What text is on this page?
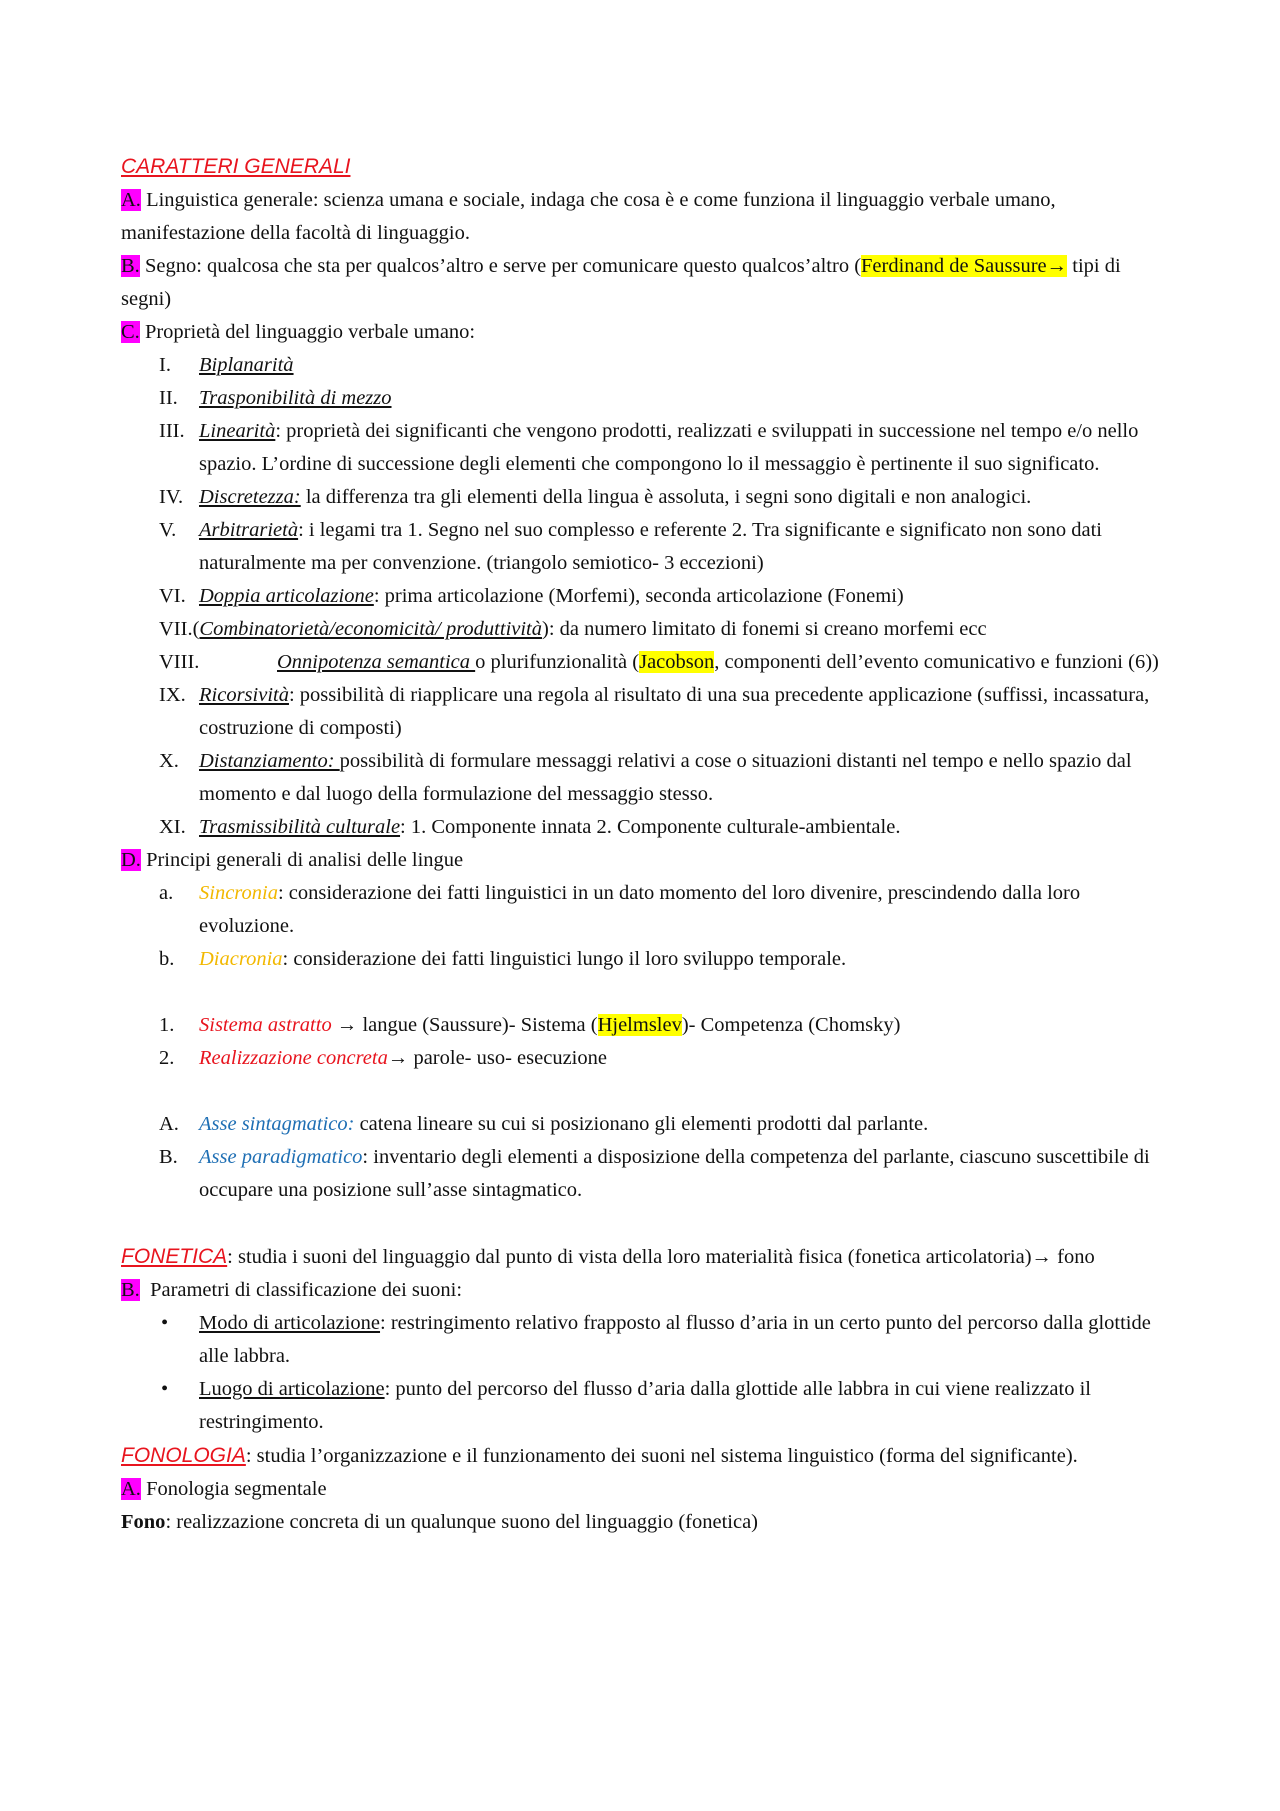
CARATTERI GENERALI
A. Linguistica generale: scienza umana e sociale, indaga che cosa è e come funziona il linguaggio verbale umano, manifestazione della facoltà di linguaggio.
B. Segno: qualcosa che sta per qualcos’altro e serve per comunicare questo qualcos’altro (Ferdinand de Saussure→ tipi di segni)
C. Proprietà del linguaggio verbale umano:
I. Biplanarità
II. Trasponibilità di mezzo
III. Linearità: proprietà dei significanti che vengono prodotti, realizzati e sviluppati in successione nel tempo e/o nello spazio. L’ordine di successione degli elementi che compongono lo il messaggio è pertinente il suo significato.
IV. Discretezza: la differenza tra gli elementi della lingua è assoluta, i segni sono digitali e non analogici.
V. Arbitrarietà: i legami tra 1. Segno nel suo complesso e referente 2. Tra significante e significato non sono dati naturalmente ma per convenzione. (triangolo semiotico- 3 eccezioni)
VI. Doppia articolazione: prima articolazione (Morfemi), seconda articolazione (Fonemi)
VII.(Combinatorietà/economicità/ produttività): da numero limitato di fonemi si creano morfemi ecc
VIII.	Onnipotenza semantica o plurifunzionalità (Jacobson, componenti dell’evento comunicativo e funzioni (6))
IX. Ricorsività: possibilità di riapplicare una regola al risultato di una sua precedente applicazione (suffissi, incassatura, costruzione di composti)
X. Distanziamento: possibilità di formulare messaggi relativi a cose o situazioni distanti nel tempo e nello spazio dal momento e dal luogo della formulazione del messaggio stesso.
XI. Trasmissibilità culturale: 1. Componente innata 2. Componente culturale-ambientale.
D. Principi generali di analisi delle lingue
a. Sincronia: considerazione dei fatti linguistici in un dato momento del loro divenire, prescindendo dalla loro evoluzione.
b. Diacronia: considerazione dei fatti linguistici lungo il loro sviluppo temporale.
1. Sistema astratto → langue (Saussure)- Sistema (Hjelmslev)- Competenza (Chomsky)
2. Realizzazione concreta→ parole- uso- esecuzione
A. Asse sintagmatico: catena lineare su cui si posizionano gli elementi prodotti dal parlante.
B. Asse paradigmatico: inventario degli elementi a disposizione della competenza del parlante, ciascuno suscettibile di occupare una posizione sull’asse sintagmatico.
FONETICA: studia i suoni del linguaggio dal punto di vista della loro materialità fisica (fonetica articolatoria)→ fono
B.  Parametri di classificazione dei suoni:
• Modo di articolazione: restringimento relativo frapposto al flusso d’aria in un certo punto del percorso dalla glottide alle labbra.
• Luogo di articolazione: punto del percorso del flusso d’aria dalla glottide alle labbra in cui viene realizzato il restringimento.
FONOLOGIA: studia l’organizzazione e il funzionamento dei suoni nel sistema linguistico (forma del significante).
A. Fonologia segmentale
Fono: realizzazione concreta di un qualunque suono del linguaggio (fonetica)
